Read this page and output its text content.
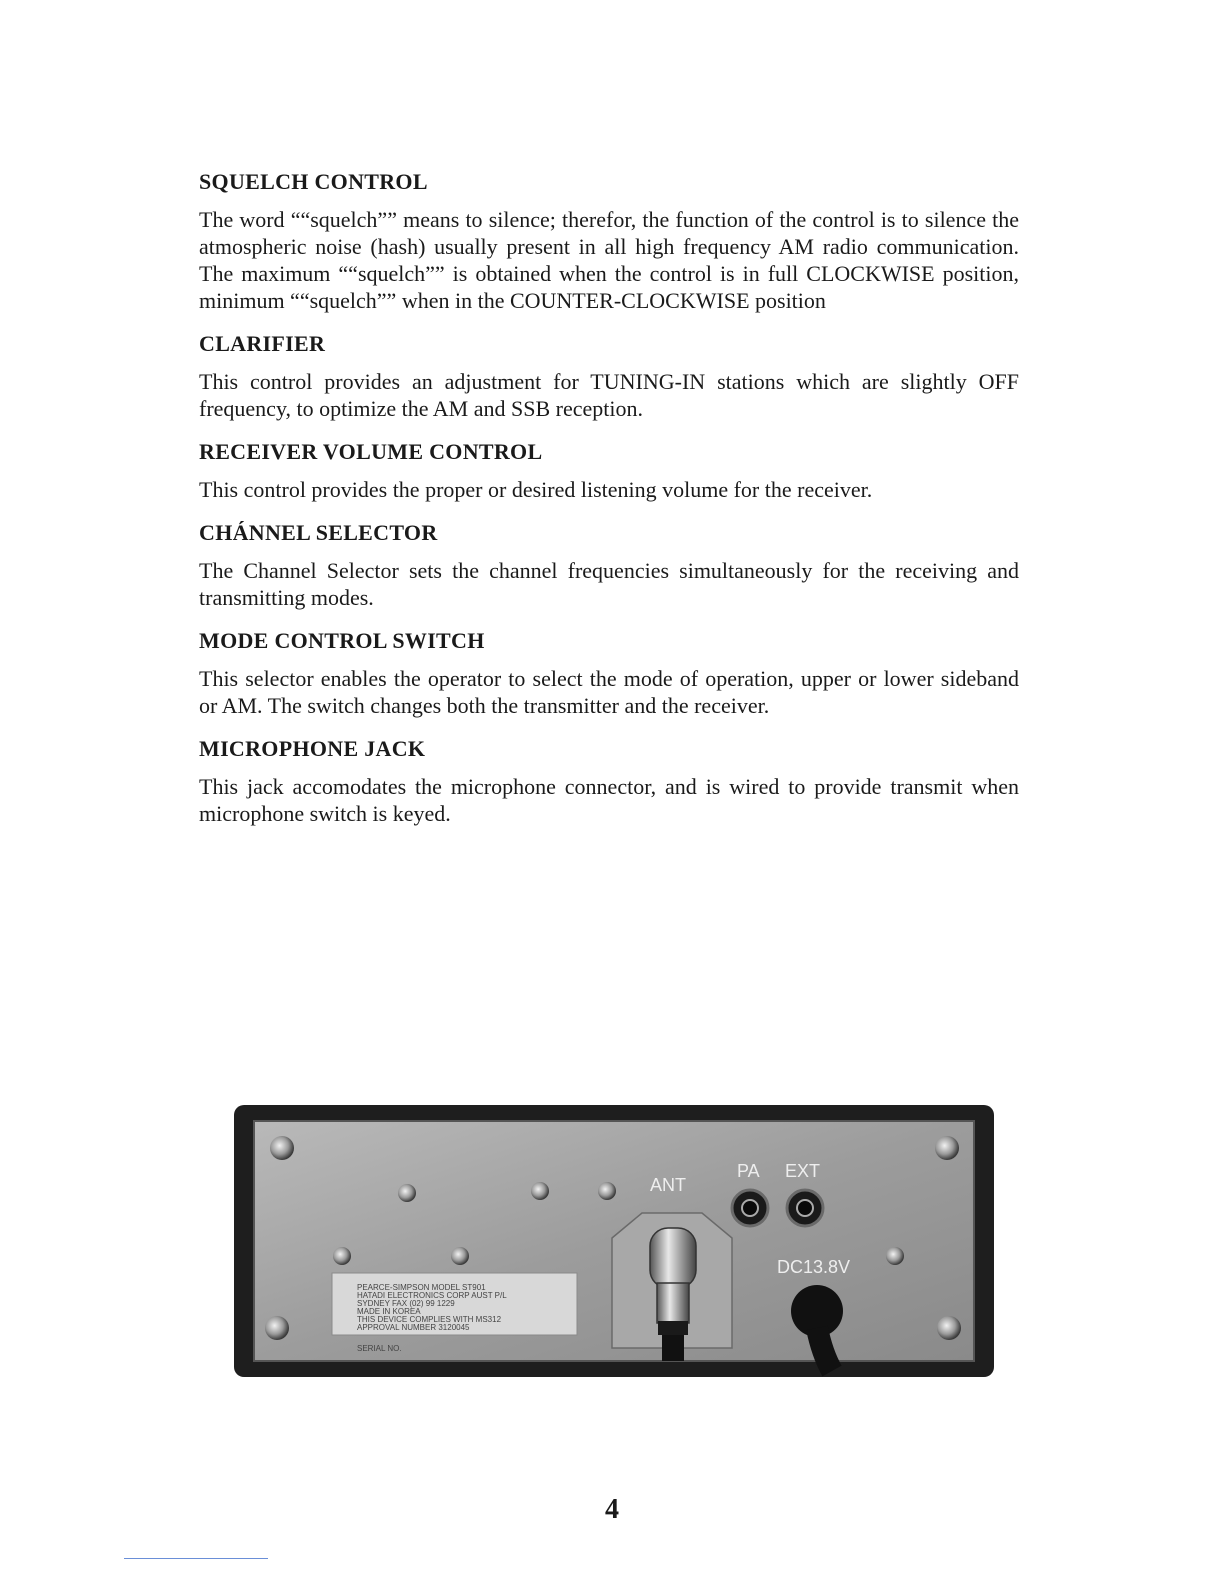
SQUELCH CONTROL

The word ““squelch”” means to silence; therefor, the function of the control is to silence the atmospheric noise (hash) usually present in all high frequency AM radio communication. The maximum ““squelch”” is obtained when the control is in full CLOCKWISE position, minimum ““squelch”” when in the COUNTER-CLOCKWISE position

CLARIFIER

This control provides an adjustment for TUNING-IN stations which are slightly OFF frequency, to optimize the AM and SSB reception.

RECEIVER VOLUME CONTROL

This control provides the proper or desired listening volume for the receiver.

CHÁNNEL SELECTOR

The Channel Selector sets the channel frequencies simultaneously for the receiving and transmitting modes.

MODE CONTROL SWITCH

This selector enables the operator to select the mode of operation, upper or lower sideband or AM. The switch changes both the transmitter and the receiver.

MICROPHONE JACK

This jack accomodates the microphone connector, and is wired to provide transmit when microphone switch is keyed.

PEARCE-SIMPSON MODEL ST901
HATADI ELECTRONICS CORP AUST P/L
SYDNEY FAX (02) 99 1229
MADE IN KOREA
THIS DEVICE COMPLIES WITH MS312
APPROVAL NUMBER 3120045
SERIAL NO.
ANT
PA EXT
DC13.8V
4
